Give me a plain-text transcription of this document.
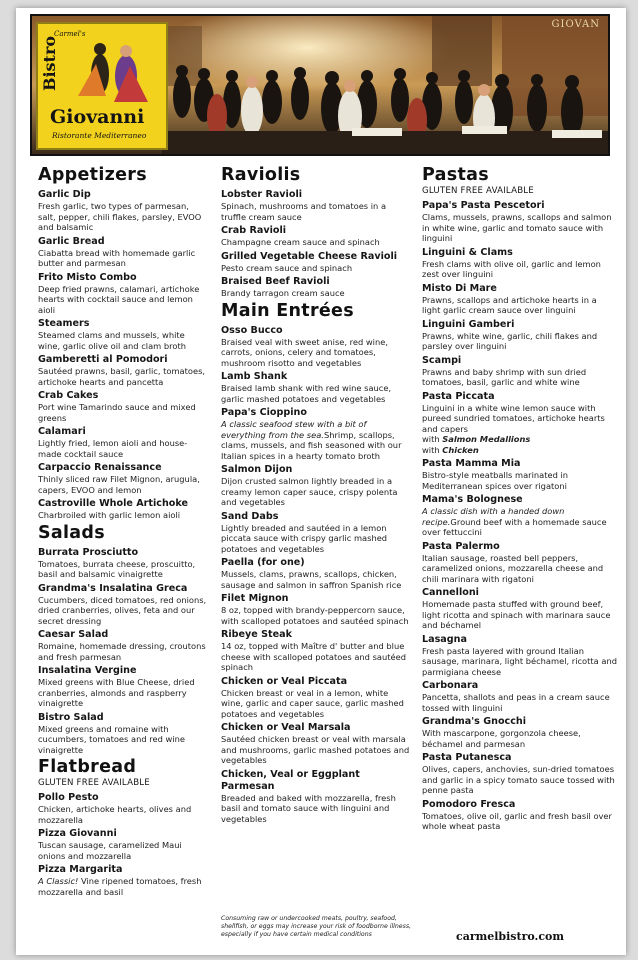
GIOVAN
Carmel's
Bistro
Giovanni
Ristorante Mediterraneo
Appetizers

Garlic Dip

Fresh garlic, two types of parmesan, salt, pepper, chili flakes, parsley, EVOO and balsamic

Garlic Bread

Ciabatta bread with homemade garlic butter and parmesan

Frito Misto Combo

Deep fried prawns, calamari, artichoke hearts with cocktail sauce and lemon aioli

Steamers

Steamed clams and mussels, white wine, garlic olive oil and clam broth

Gamberetti al Pomodori

Sautéed prawns, basil, garlic, tomatoes, artichoke hearts and pancetta

Crab Cakes

Port wine Tamarindo sauce and mixed greens

Calamari

Lightly fried, lemon aioli and house-made cocktail sauce

Carpaccio Renaissance

Thinly sliced raw Filet Mignon, arugula, capers, EVOO and lemon

Castroville Whole Artichoke

Charbroiled with garlic lemon aioli

Salads

Burrata Prosciutto

Tomatoes, burrata cheese, proscuitto, basil and balsamic vinaigrette

Grandma's Insalatina Greca

Cucumbers, diced tomatoes, red onions, dried cranberries, olives, feta and our secret dressing

Caesar Salad

Romaine, homemade dressing, croutons and fresh parmesan

Insalatina Vergine

Mixed greens with Blue Cheese, dried cranberries, almonds and raspberry vinaigrette

Bistro Salad

Mixed greens and romaine with cucumbers, tomatoes and red wine vinaigrette

Flatbread

GLUTEN FREE AVAILABLE

Pollo Pesto

Chicken, artichoke hearts, olives and mozzarella

Pizza Giovanni

Tuscan sausage, caramelized Maui onions and mozzarella

Pizza Margarita

A Classic! Vine ripened tomatoes, fresh mozzarella and basil

Raviolis

Lobster Ravioli

Spinach, mushrooms and tomatoes in a truffle cream sauce

Crab Ravioli

Champagne cream sauce and spinach

Grilled Vegetable Cheese Ravioli

Pesto cream sauce and spinach

Braised Beef Ravioli

Brandy tarragon cream sauce

Main Entrées

Osso Bucco

Braised veal with sweet anise, red wine, carrots, onions, celery and tomatoes, mushroom risotto and vegetables

Lamb Shank

Braised lamb shank with red wine sauce, garlic mashed potatoes and vegetables

Papa's Cioppino

A classic seafood stew with a bit of everything from the sea.Shrimp, scallops, clams, mussels, and fish seasoned with our Italian spices in a hearty tomato broth

Salmon Dijon

Dijon crusted salmon lightly breaded in a creamy lemon caper sauce, crispy polenta and vegetables

Sand Dabs

Lightly breaded and sautéed in a lemon piccata sauce with crispy garlic mashed potatoes and vegetables

Paella (for one)

Mussels, clams, prawns, scallops, chicken, sausage and salmon in saffron Spanish rice

Filet Mignon

8 oz, topped with brandy-peppercorn sauce, with scalloped potatoes and sautéed spinach

Ribeye Steak

14 oz, topped with Maître d' butter and blue cheese with scalloped potatoes and sautéed spinach

Chicken or Veal Piccata

Chicken breast or veal in a lemon, white wine, garlic and caper sauce, garlic mashed potatoes and vegetables

Chicken or Veal Marsala

Sautéed chicken breast or veal with marsala and mushrooms, garlic mashed potatoes and vegetables

Chicken, Veal or Eggplant Parmesan

Breaded and baked with mozzarella, fresh basil and tomato sauce with linguini and vegetables

Pastas

GLUTEN FREE AVAILABLE

Papa's Pasta Pescetori

Clams, mussels, prawns, scallops and salmon in white wine, garlic and tomato sauce with linguini

Linguini & Clams

Fresh clams with olive oil, garlic and lemon zest over linguini

Misto Di Mare

Prawns, scallops and artichoke hearts in a light garlic cream sauce over linguini

Linguini Gamberi

Prawns, white wine, garlic, chili flakes and parsley over linguini

Scampi

Prawns and baby shrimp with sun dried tomatoes, basil, garlic and white wine

Pasta Piccata

Linguini in a white wine lemon sauce with pureed sundried tomatoes, artichoke hearts and capers

with Salmon Medallions

with Chicken

Pasta Mamma Mia

Bistro-style meatballs marinated in Mediterranean spices over rigatoni

Mama's Bolognese

A classic dish with a handed down recipe.Ground beef with a homemade sauce over fettuccini

Pasta Palermo

Italian sausage, roasted bell peppers, caramelized onions, mozzarella cheese and chili marinara with rigatoni

Cannelloni

Homemade pasta stuffed with ground beef, light ricotta and spinach with marinara sauce and béchamel

Lasagna

Fresh pasta layered with ground Italian sausage, marinara, light béchamel, ricotta and parmigiana cheese

Carbonara

Pancetta, shallots and peas in a cream sauce tossed with linguini

Grandma's Gnocchi

With mascarpone, gorgonzola cheese, béchamel and parmesan

Pasta Putanesca

Olives, capers, anchovies, sun-dried tomatoes and garlic in a spicy tomato sauce tossed with penne pasta

Pomodoro Fresca

Tomatoes, olive oil, garlic and fresh basil over whole wheat pasta

Consuming raw or undercooked meats, poultry, seafood, shellfish, or eggs may increase your risk of foodborne illness, especially if you have certain medical conditions	carmelbistro.com
